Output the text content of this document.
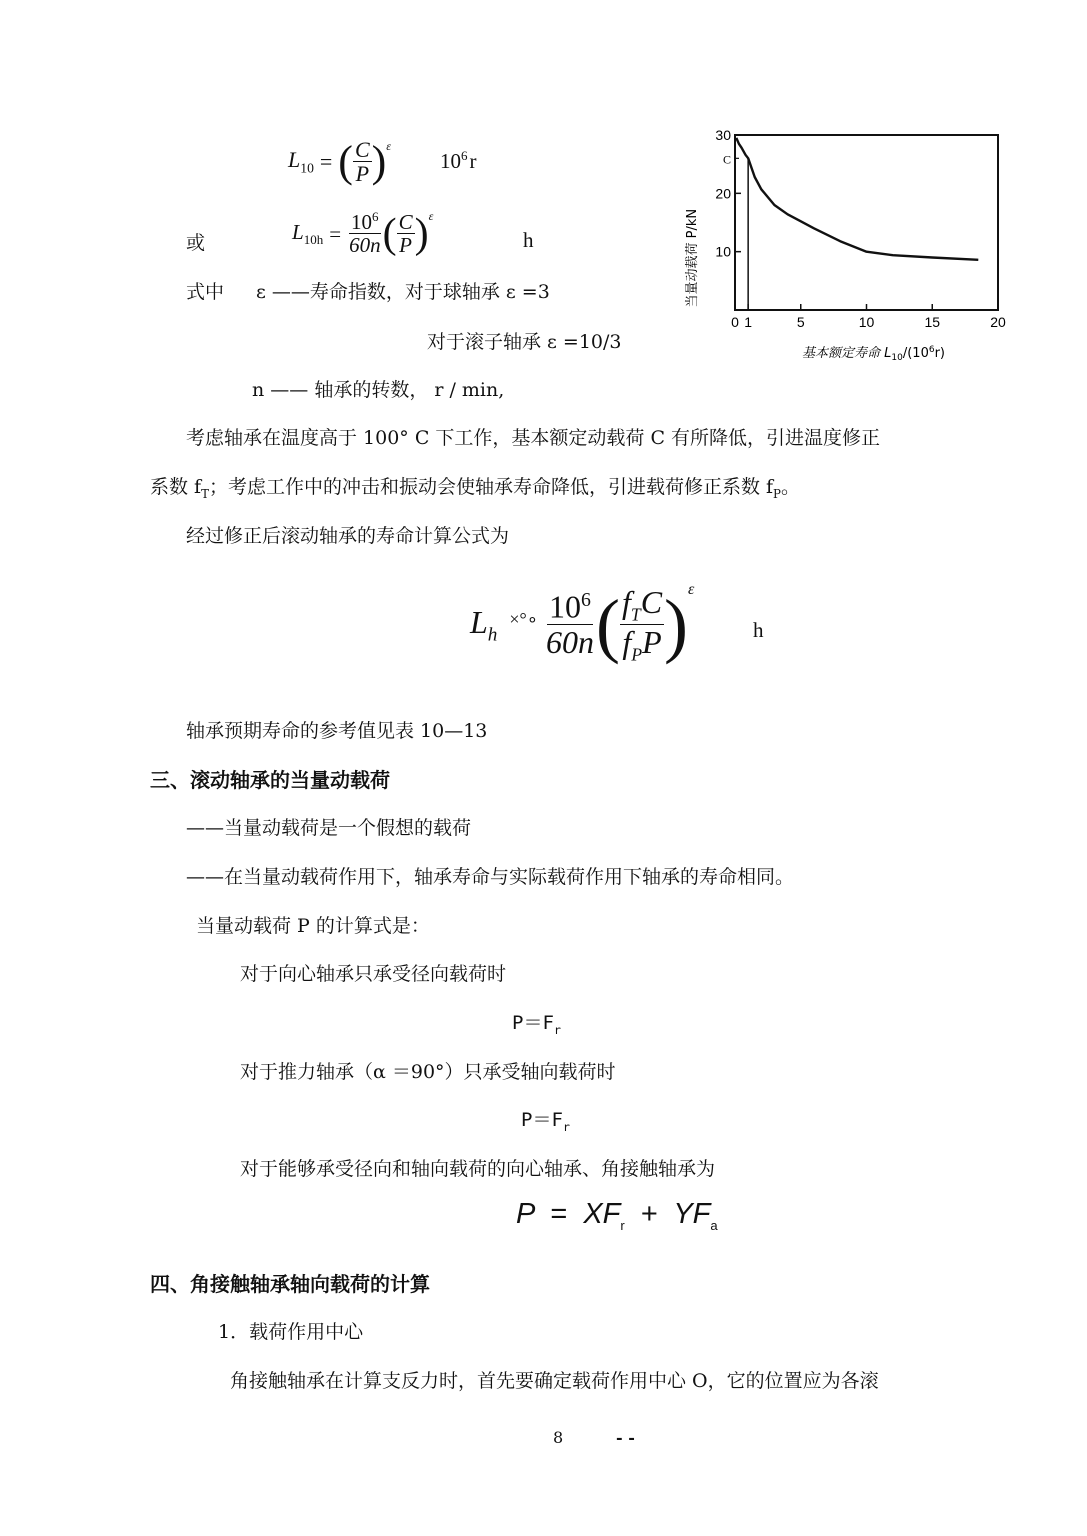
$L_{10}$ = ( $\frac{C}{P}$ ) ε
$10^6r$
或	$L_{10h} = \frac{10^6}{60n}$ ( $\frac{C}{P}$ ) ε
h
式中 ε ——寿命指数，对于球轴承 ε =3
对于滚子轴承 ε =10/3
n —— 轴承的转数， r / min,
10
20
30
0 1	5	10	15	20
C
当量动载荷 P/kN
基本额定寿命 $L_{10}/(10^6r)$
考虑轴承在温度高于 100° C 下工作，基本额定动载荷 C 有所降低，引进温度修正
系数 $f_T$；考虑工作中的冲击和振动会使轴承寿命降低，引进载荷修正系数 $f_P$。
经过修正后滚动轴承的寿命计算公式为
$L_h$
×°∘ $\frac{10^6}{60n}$ ( $\frac{f_TC}{f_PP}$ ) ε
h
轴承预期寿命的参考值见表 10—13
三、滚动轴承的当量动载荷
——当量动载荷是一个假想的载荷
——在当量动载荷作用下，轴承寿命与实际载荷作用下轴承的寿命相同。
当量动载荷 P 的计算式是：
对于向心轴承只承受径向载荷时
$P=F_r$
对于推力轴承（α ＝90°）只承受轴向载荷时
$P=F_r$
对于能够承受径向和轴向载荷的向心轴承、角接触轴承为
$P = XF_r + YF_a$
四、角接触轴承轴向载荷的计算
1．载荷作用中心
角接触轴承在计算支反力时，首先要确定载荷作用中心 O，它的位置应为各滚
8	- -
